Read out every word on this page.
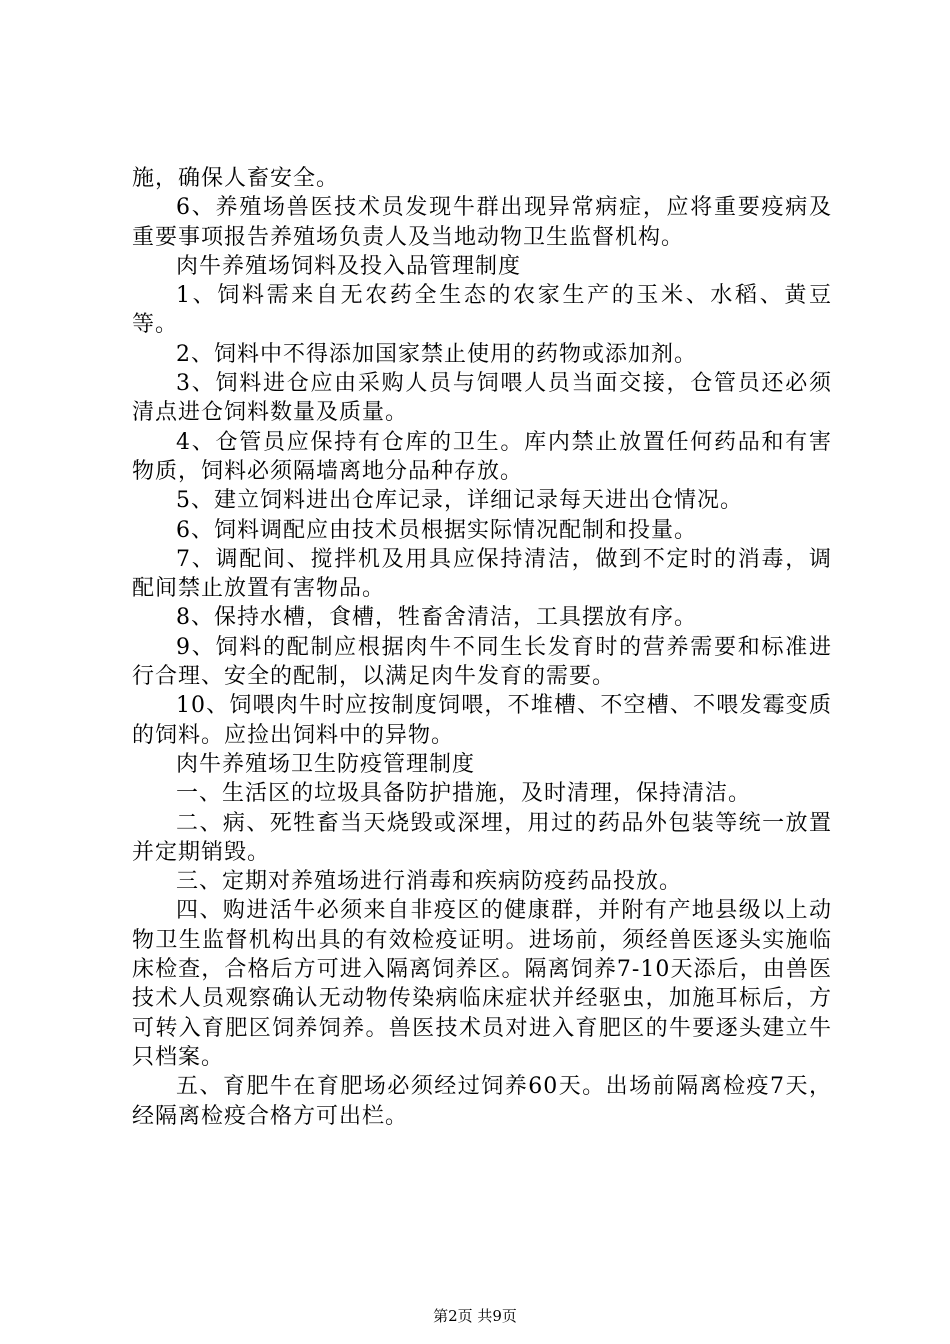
施，确保人畜安全。

6、养殖场兽医技术员发现牛群出现异常病症，应将重要疫病及重要事项报告养殖场负责人及当地动物卫生监督机构。

肉牛养殖场饲料及投入品管理制度

1、饲料需来自无农药全生态的农家生产的玉米、水稻、黄豆等。

2、饲料中不得添加国家禁止使用的药物或添加剂。

3、饲料进仓应由采购人员与饲喂人员当面交接，仓管员还必须清点进仓饲料数量及质量。

4、仓管员应保持有仓库的卫生。库内禁止放置任何药品和有害物质，饲料必须隔墙离地分品种存放。

5、建立饲料进出仓库记录，详细记录每天进出仓情况。

6、饲料调配应由技术员根据实际情况配制和投量。

7、调配间、搅拌机及用具应保持清洁，做到不定时的消毒，调配间禁止放置有害物品。

8、保持水槽，食槽，牲畜舍清洁，工具摆放有序。

9、饲料的配制应根据肉牛不同生长发育时的营养需要和标准进行合理、安全的配制，以满足肉牛发育的需要。

10、饲喂肉牛时应按制度饲喂，不堆槽、不空槽、不喂发霉变质的饲料。应捡出饲料中的异物。

肉牛养殖场卫生防疫管理制度

一、生活区的垃圾具备防护措施，及时清理，保持清洁。

二、病、死牲畜当天烧毁或深埋，用过的药品外包装等统一放置并定期销毁。

三、定期对养殖场进行消毒和疾病防疫药品投放。

四、购进活牛必须来自非疫区的健康群，并附有产地县级以上动物卫生监督机构出具的有效检疫证明。进场前，须经兽医逐头实施临床检查，合格后方可进入隔离饲养区。隔离饲养7-10天添后，由兽医技术人员观察确认无动物传染病临床症状并经驱虫，加施耳标后，方可转入育肥区饲养饲养。兽医技术员对进入育肥区的牛要逐头建立牛只档案。

五、育肥牛在育肥场必须经过饲养60天。出场前隔离检疫7天，经隔离检疫合格方可出栏。

第2页 共9页
